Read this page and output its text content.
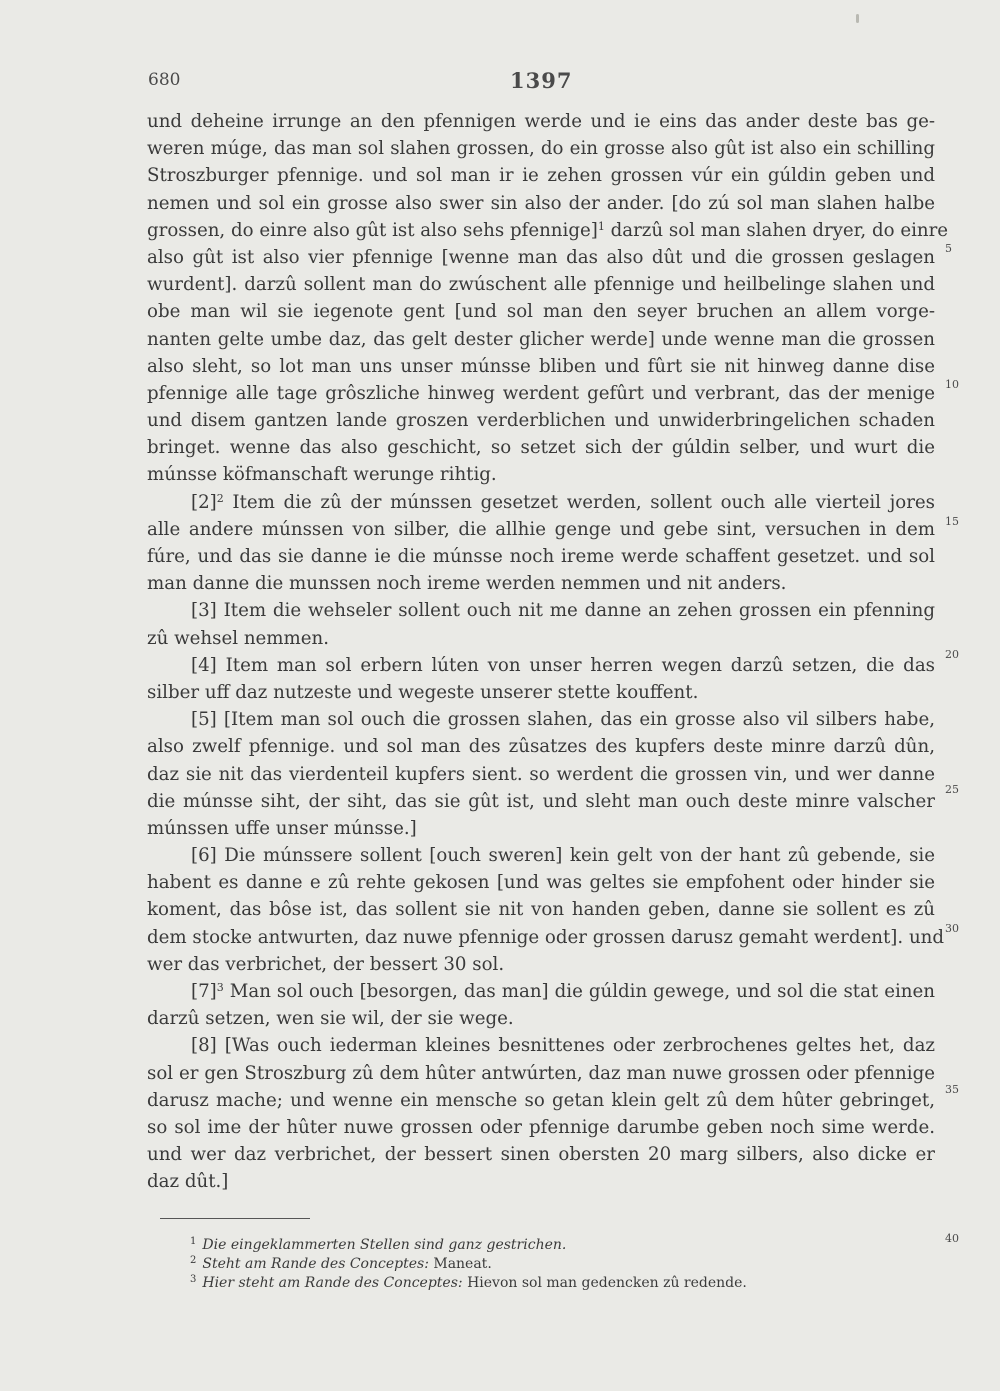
680	1397
und deheine irrunge an den pfennigen werde und ie eins das ander deste bas ge-
weren múge, das man sol slahen grossen, do ein grosse also gût ist also ein schilling
Stroszburger pfennige. und sol man ir ie zehen grossen vúr ein gúldin geben und
nemen und sol ein grosse also swer sin also der ander. [do zú sol man slahen halbe
grossen, do einre also gût ist also sehs pfennige]$^1$ darzû sol man slahen dryer, do einre
also gût ist also vier pfennige [wenne man das also dût und die grossen geslagen
wurdent]. darzû sollent man do zwúschent alle pfennige und heilbelinge slahen und
obe man wil sie iegenote gent [und sol man den seyer bruchen an allem vorge-
nanten gelte umbe daz, das gelt dester glicher werde] unde wenne man die grossen
also sleht, so lot man uns unser múnsse bliben und fûrt sie nit hinweg danne dise
pfennige alle tage grôszliche hinweg werdent gefûrt und verbrant, das der menige
und disem gantzen lande groszen verderblichen und unwiderbringelichen schaden
bringet. wenne das also geschicht, so setzet sich der gúldin selber, und wurt die
múnsse köfmanschaft werunge rihtig.
$[2]^2$ Item die zû der múnssen gesetzet werden, sollent ouch alle vierteil jores
alle andere múnssen von silber, die allhie genge und gebe sint, versuchen in dem
fúre, und das sie danne ie die múnsse noch ireme werde schaffent gesetzet. und sol
man danne die munssen noch ireme werden nemmen und nit anders.
[3] Item die wehseler sollent ouch nit me danne an zehen grossen ein pfenning
zû wehsel nemmen.
[4] Item man sol erbern lúten von unser herren wegen darzû setzen, die das
silber uff daz nutzeste und wegeste unserer stette kouffent.
[5] [Item man sol ouch die grossen slahen, das ein grosse also vil silbers habe,
also zwelf pfennige. und sol man des zûsatzes des kupfers deste minre darzû dûn,
daz sie nit das vierdenteil kupfers sient. so werdent die grossen vin, und wer danne
die múnsse siht, der siht, das sie gût ist, und sleht man ouch deste minre valscher
múnssen uffe unser múnsse.]
[6] Die múnssere sollent [ouch sweren] kein gelt von der hant zû gebende, sie
habent es danne e zû rehte gekosen [und was geltes sie empfohent oder hinder sie
koment, das bôse ist, das sollent sie nit von handen geben, danne sie sollent es zû
dem stocke antwurten, daz nuwe pfennige oder grossen darusz gemaht werdent]. und
wer das verbrichet, der bessert 30 sol.
$[7]^3$ Man sol ouch [besorgen, das man] die gúldin gewege, und sol die stat einen
darzû setzen, wen sie wil, der sie wege.
[8] [Was ouch iederman kleines besnittenes oder zerbrochenes geltes het, daz
sol er gen Stroszburg zû dem hûter antwúrten, daz man nuwe grossen oder pfennige
darusz mache; und wenne ein mensche so getan klein gelt zû dem hûter gebringet,
so sol ime der hûter nuwe grossen oder pfennige darumbe geben noch sime werde.
und wer daz verbrichet, der bessert sinen obersten 20 marg silbers, also dicke er
daz dût.]
5
10
15
20
25
30
35
40
$^1$ Die eingeklammerten Stellen sind ganz gestrichen.
$^2$ Steht am Rande des Conceptes: Maneat.
$^3$ Hier steht am Rande des Conceptes: Hievon sol man gedencken zû redende.
